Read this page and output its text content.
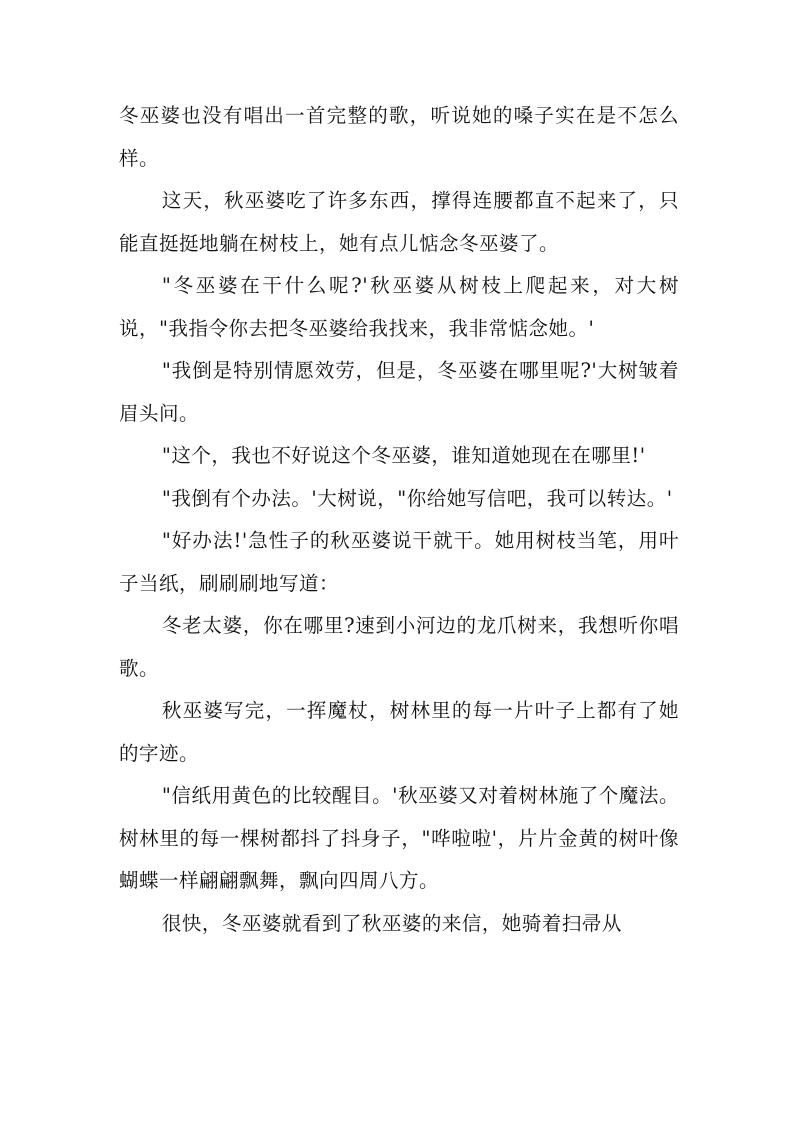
冬巫婆也没有唱出一首完整的歌，听说她的嗓子实在是不怎么样。

这天，秋巫婆吃了许多东西，撑得连腰都直不起来了，只能直挺挺地躺在树枝上，她有点儿惦念冬巫婆了。

"冬巫婆在干什么呢?'秋巫婆从树枝上爬起来，对大树说，"我指令你去把冬巫婆给我找来，我非常惦念她。'

"我倒是特别情愿效劳，但是，冬巫婆在哪里呢?'大树皱着眉头问。

"这个，我也不好说这个冬巫婆，谁知道她现在在哪里!'

"我倒有个办法。'大树说，"你给她写信吧，我可以转达。'

"好办法!'急性子的秋巫婆说干就干。她用树枝当笔，用叶子当纸，刷刷刷地写道：

冬老太婆，你在哪里?速到小河边的龙爪树来，我想听你唱歌。

秋巫婆写完，一挥魔杖，树林里的每一片叶子上都有了她的字迹。

"信纸用黄色的比较醒目。'秋巫婆又对着树林施了个魔法。树林里的每一棵树都抖了抖身子，"哗啦啦'，片片金黄的树叶像蝴蝶一样翩翩飘舞，飘向四周八方。

很快，冬巫婆就看到了秋巫婆的来信，她骑着扫帚从
